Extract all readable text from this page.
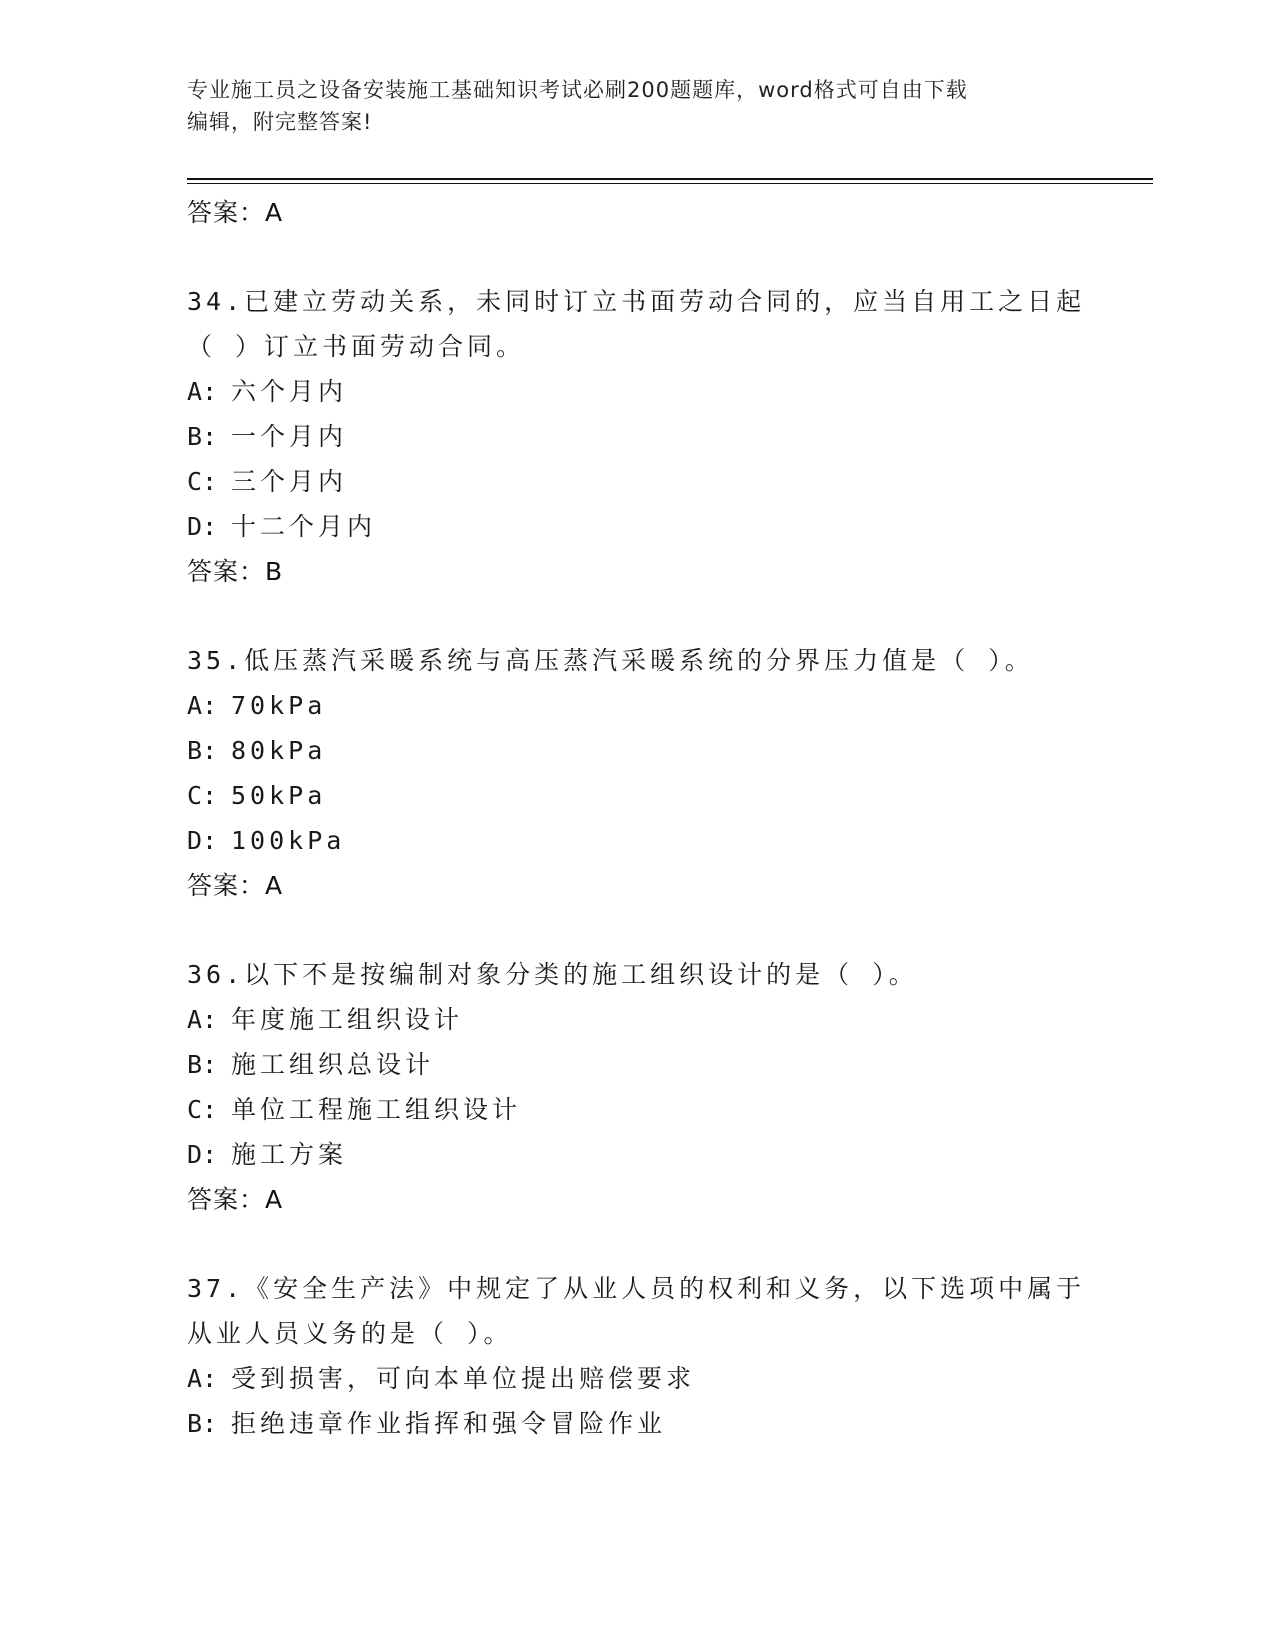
专业施工员之设备安装施工基础知识考试必刷200题题库，word格式可自由下载
编辑，附完整答案!
答案：A
34.已建立劳动关系，未同时订立书面劳动合同的，应当自用工之日起（ ）订立书面劳动合同。
A: 六个月内
B: 一个月内
C: 三个月内
D: 十二个月内
答案：B
35.低压蒸汽采暖系统与高压蒸汽采暖系统的分界压力值是（ ）。
A: 70kPa
B: 80kPa
C: 50kPa
D: 100kPa
答案：A
36.以下不是按编制对象分类的施工组织设计的是（ ）。
A: 年度施工组织设计
B: 施工组织总设计
C: 单位工程施工组织设计
D: 施工方案
答案：A
37.《安全生产法》中规定了从业人员的权利和义务，以下选项中属于从业人员义务的是（ ）。
A: 受到损害，可向本单位提出赔偿要求
B: 拒绝违章作业指挥和强令冒险作业
